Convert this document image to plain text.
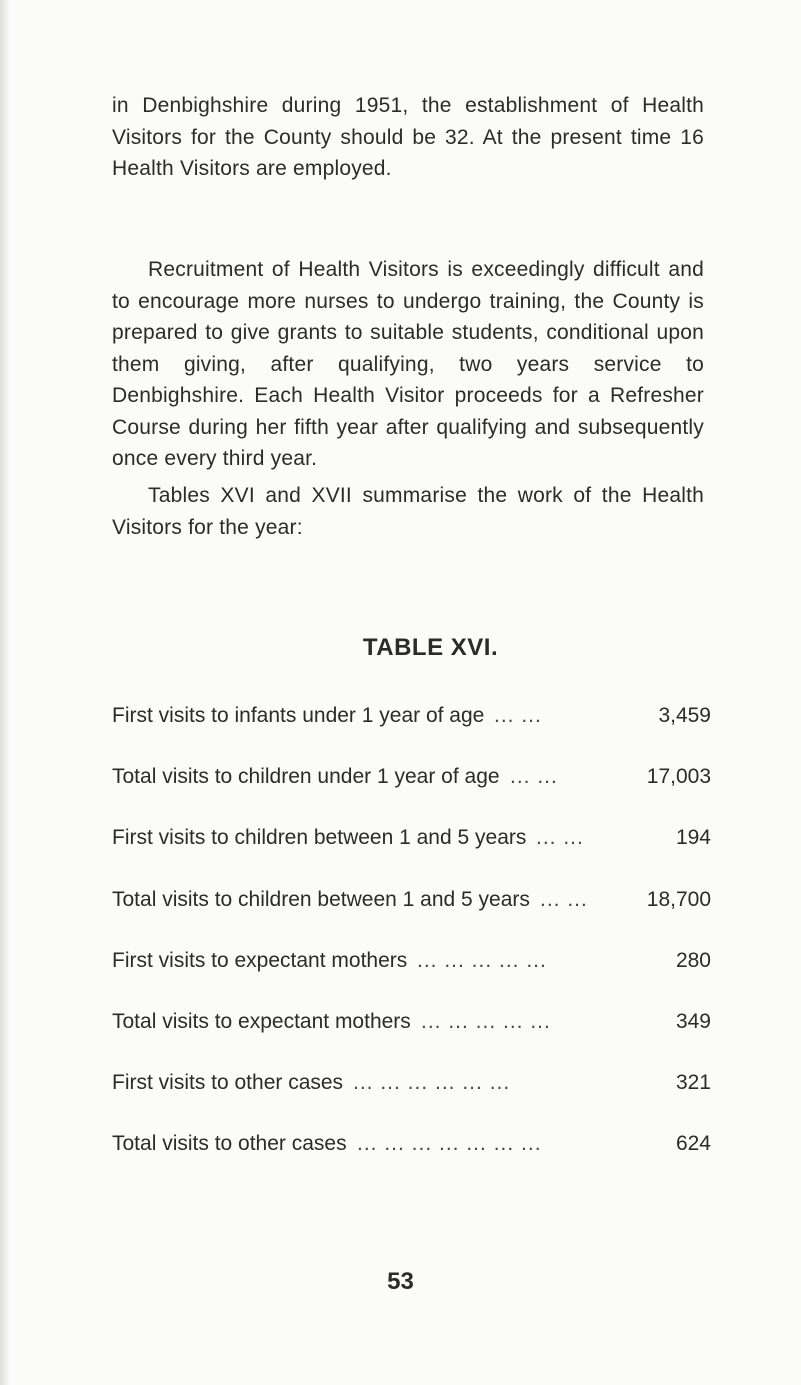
in Denbighshire during 1951, the establishment of Health Visitors for the County should be 32. At the present time 16 Health Visitors are employed.

Recruitment of Health Visitors is exceedingly difficult and to encourage more nurses to undergo training, the County is prepared to give grants to suitable students, conditional upon them giving, after qualifying, two years service to Denbighshire. Each Health Visitor proceeds for a Refresher Course during her fifth year after qualifying and subsequently once every third year.

Tables XVI and XVII summarise the work of the Health Visitors for the year:

TABLE XVI.
First visits to infants under 1 year of age ... ...	3,459
Total visits to children under 1 year of age ... ...	17,003
First visits to children between 1 and 5 years ... ...	194
Total visits to children between 1 and 5 years ... ...	18,700
First visits to expectant mothers ... ... ... ... ...	280
Total visits to expectant mothers ... ... ... ... ...	349
First visits to other cases ... ... ... ... ... ...	321
Total visits to other cases ... ... ... ... ... ... ...	624
53
